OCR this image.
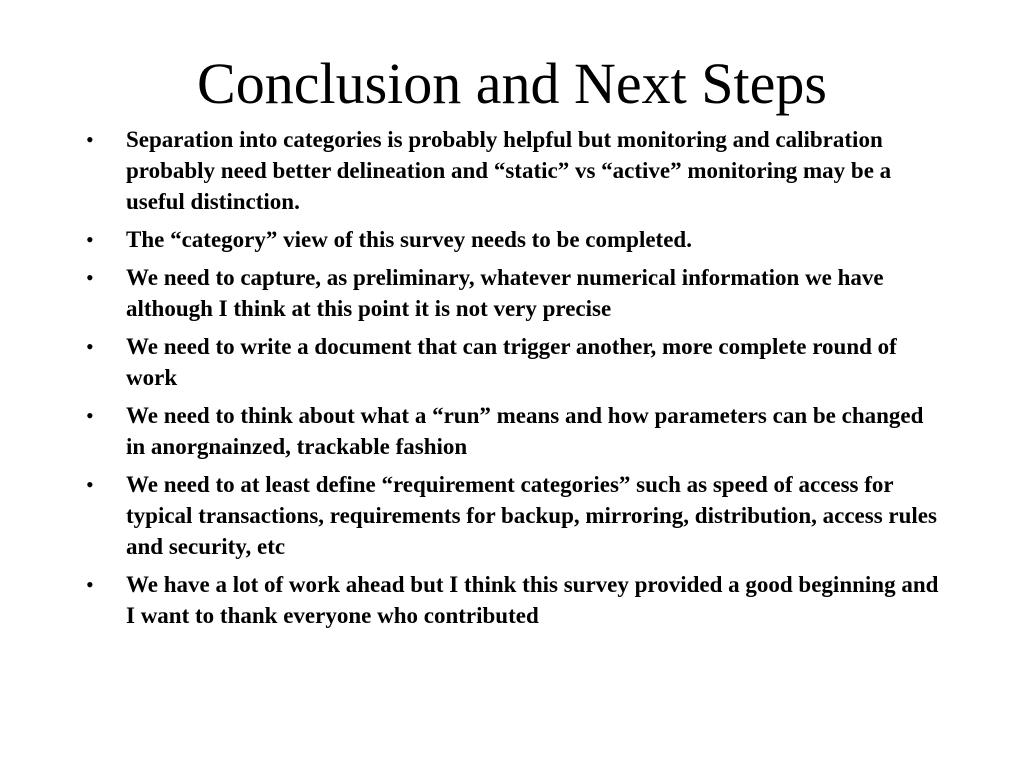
Conclusion and Next Steps
•	Separation into categories is probably helpful but monitoring and calibration probably need better delineation and “static” vs “active” monitoring may be a useful distinction.
•	The “category” view of this survey needs to be completed.
•	We need to capture, as preliminary, whatever numerical information we have although I think at this point it is not very precise
•	We need to write a document that can trigger another, more complete round of work
•	We need to think about what a “run” means and how parameters can be changed in anorgnainzed, trackable fashion
•	We need to at least define “requirement categories” such as speed of access for typical transactions, requirements for backup, mirroring, distribution, access rules and security, etc
•	We have a lot of work ahead but I think this survey provided a good beginning and I want to thank everyone who contributed
